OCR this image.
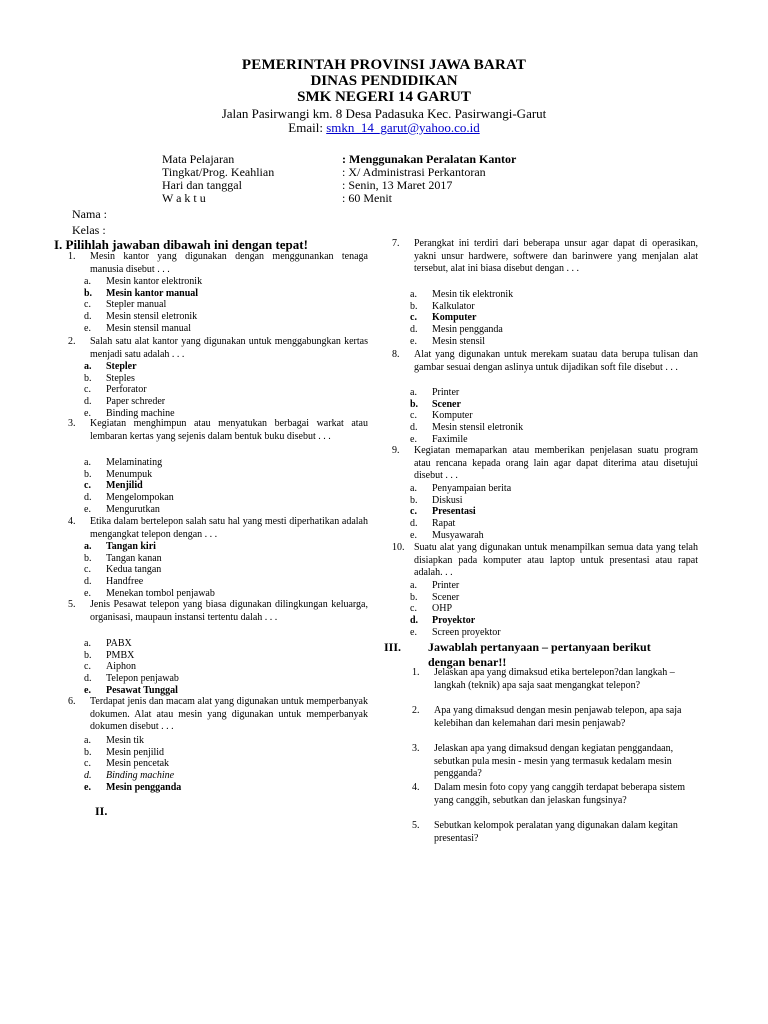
PEMERINTAH PROVINSI JAWA BARAT
DINAS PENDIDIKAN
SMK NEGERI 14 GARUT
Jalan Pasirwangi km. 8 Desa Padasuka Kec. Pasirwangi-Garut
Email: smkn_14_garut@yahoo.co.id
Mata Pelajaran	: Menggunakan Peralatan Kantor
Tingkat/Prog. Keahlian	: X/ Administrasi Perkantoran
Hari dan tanggal	: Senin, 13 Maret 2017
W a k t u	: 60 Menit
Nama :
Kelas :
I. Pilihlah jawaban dibawah ini dengan tepat!
II.
III. Jawablah pertanyaan – pertanyaan berikut
dengan benar!!
1. Mesin kantor yang digunakan dengan menggunankan tenaga manusia disebut . . .
a. Mesin kantor elektronik
b. Mesin kantor manual
c. Stepler manual
d. Mesin stensil eletronik
e. Mesin stensil manual
2. Salah satu alat kantor yang digunakan untuk menggabungkan kertas menjadi satu adalah . . .
a. Stepler
b. Steples
c. Perforator
d. Paper schreder
e. Binding machine
3. Kegiatan menghimpun atau menyatukan berbagai warkat atau lembaran kertas yang sejenis dalam bentuk buku disebut . . .
a. Melaminating
b. Menumpuk
c. Menjilid
d. Mengelompokan
e. Mengurutkan
4. Etika dalam bertelepon salah satu hal yang mesti diperhatikan adalah mengangkat telepon dengan . . .
a. Tangan kiri
b. Tangan kanan
c. Kedua tangan
d. Handfree
e. Menekan tombol penjawab
5. Jenis Pesawat telepon yang biasa digunakan dilingkungan keluarga, organisasi, maupaun instansi tertentu dalah . . .
a. PABX
b. PMBX
c. Aiphon
d. Telepon penjawab
e. Pesawat Tunggal
6. Terdapat jenis dan macam alat yang digunakan untuk memperbanyak dokumen. Alat atau mesin yang digunakan untuk memperbanyak dokumen disebut . . .
a. Mesin tik
b. Mesin penjilid
c. Mesin pencetak
d. Binding machine
e. Mesin pengganda
7. Perangkat ini terdiri dari beberapa unsur agar dapat di operasikan, yakni unsur hardwere, softwere dan barinwere yang menjalan alat tersebut, alat ini biasa disebut dengan . . .
a. Mesin tik elektronik
b. Kalkulator
c. Komputer
d. Mesin pengganda
e. Mesin stensil
8. Alat yang digunakan untuk merekam suatau data berupa tulisan dan gambar sesuai dengan aslinya untuk dijadikan soft file disebut . . .
a. Printer
b. Scener
c. Komputer
d. Mesin stensil eletronik
e. Faximile
9. Kegiatan memaparkan atau memberikan penjelasan suatu program atau rencana kepada orang lain agar dapat diterima atau disetujui disebut . . .
a. Penyampaian berita
b. Diskusi
c. Presentasi
d. Rapat
e. Musyawarah
10. Suatu alat yang digunakan untuk menampilkan semua data yang telah disiapkan pada komputer atau laptop untuk presentasi atau rapat adalah. . .
a. Printer
b. Scener
c. OHP
d. Proyektor
e. Screen proyektor
1. Jelaskan apa yang dimaksud etika bertelepon?dan langkah – langkah (teknik) apa saja saat mengangkat telepon?
2. Apa yang dimaksud dengan mesin penjawab telepon, apa saja kelebihan dan kelemahan dari mesin penjawab?
3. Jelaskan apa yang dimaksud dengan kegiatan penggandaan, sebutkan pula mesin - mesin yang termasuk kedalam mesin pengganda?
4. Dalam mesin foto copy yang canggih terdapat beberapa sistem yang canggih, sebutkan dan jelaskan fungsinya?
5. Sebutkan kelompok peralatan yang digunakan dalam kegitan presentasi?
